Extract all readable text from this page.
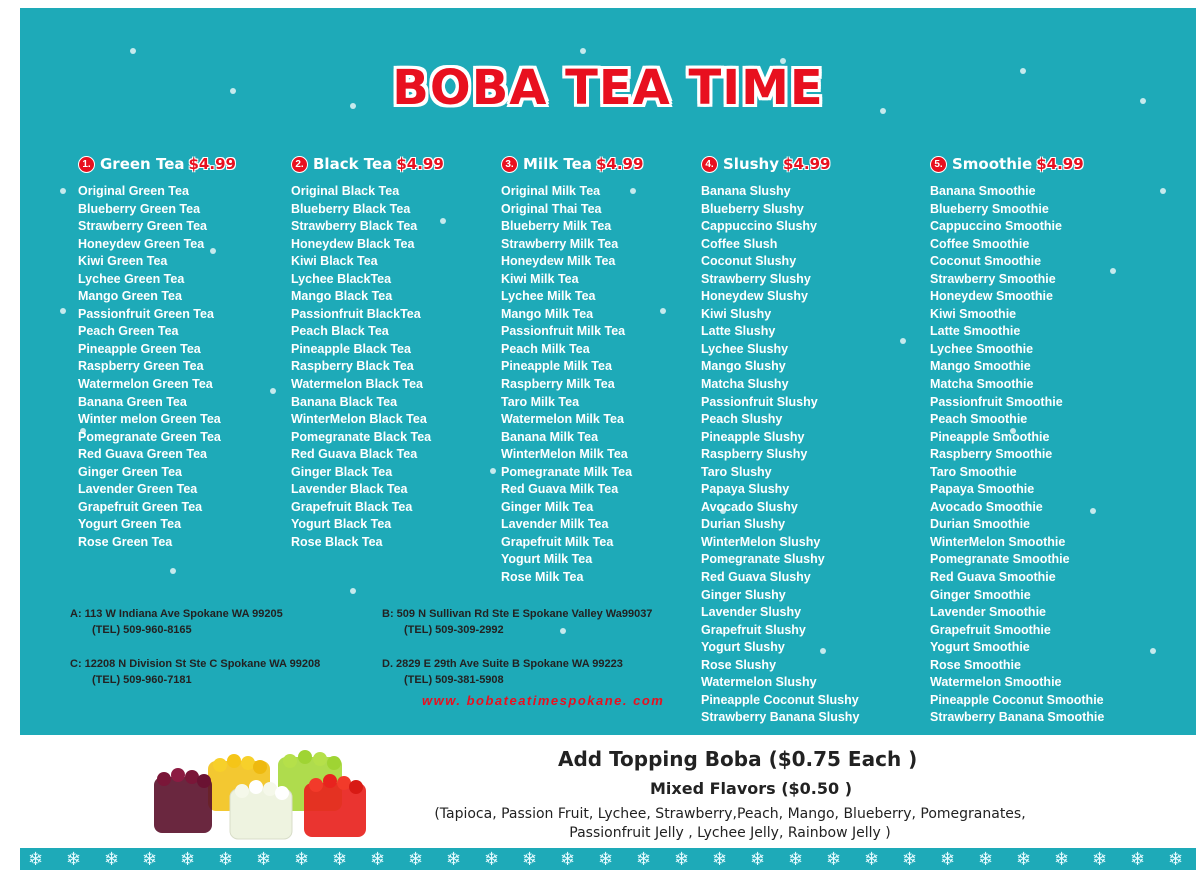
BOBA TEA TIME
1. Green Tea $4.99
Original Green Tea
Blueberry Green Tea
Strawberry Green Tea
Honeydew Green Tea
Kiwi Green Tea
Lychee Green Tea
Mango Green Tea
Passionfruit Green Tea
Peach Green Tea
Pineapple Green Tea
Raspberry Green Tea
Watermelon Green Tea
Banana Green Tea
Winter melon Green Tea
Pomegranate Green Tea
Red Guava Green Tea
Ginger Green Tea
Lavender Green Tea
Grapefruit Green Tea
Yogurt Green Tea
Rose Green Tea
2. Black Tea $4.99
Original Black Tea
Blueberry Black Tea
Strawberry Black Tea
Honeydew Black Tea
Kiwi Black Tea
Lychee BlackTea
Mango Black Tea
Passionfruit BlackTea
Peach Black Tea
Pineapple Black Tea
Raspberry Black Tea
Watermelon Black Tea
Banana Black Tea
WinterMelon Black Tea
Pomegranate Black Tea
Red Guava Black Tea
Ginger Black Tea
Lavender Black Tea
Grapefruit Black Tea
Yogurt Black Tea
Rose Black Tea
3. Milk Tea $4.99
Original Milk Tea
Original Thai Tea
Blueberry Milk Tea
Strawberry Milk Tea
Honeydew Milk Tea
Kiwi Milk Tea
Lychee Milk Tea
Mango Milk Tea
Passionfruit Milk Tea
Peach Milk Tea
Pineapple Milk Tea
Raspberry Milk Tea
Taro Milk Tea
Watermelon Milk Tea
Banana Milk Tea
WinterMelon Milk Tea
Pomegranate Milk Tea
Red Guava Milk Tea
Ginger Milk Tea
Lavender Milk Tea
Grapefruit Milk Tea
Yogurt Milk Tea
Rose Milk Tea
4. Slushy $4.99
Banana Slushy
Blueberry Slushy
Cappuccino Slushy
Coffee Slush
Coconut Slushy
Strawberry Slushy
Honeydew Slushy
Kiwi Slushy
Latte Slushy
Lychee Slushy
Mango Slushy
Matcha Slushy
Passionfruit Slushy
Peach Slushy
Pineapple Slushy
Raspberry Slushy
Taro Slushy
Papaya Slushy
Avocado Slushy
Durian Slushy
WinterMelon Slushy
Pomegranate Slushy
Red Guava Slushy
Ginger Slushy
Lavender Slushy
Grapefruit Slushy
Yogurt Slushy
Rose Slushy
Watermelon Slushy
Pineapple Coconut Slushy
Strawberry Banana Slushy
5. Smoothie $4.99
Banana Smoothie
Blueberry Smoothie
Cappuccino Smoothie
Coffee Smoothie
Coconut Smoothie
Strawberry Smoothie
Honeydew Smoothie
Kiwi Smoothie
Latte Smoothie
Lychee Smoothie
Mango Smoothie
Matcha Smoothie
Passionfruit Smoothie
Peach Smoothie
Pineapple Smoothie
Raspberry Smoothie
Taro Smoothie
Papaya Smoothie
Avocado Smoothie
Durian Smoothie
WinterMelon Smoothie
Pomegranate Smoothie
Red Guava Smoothie
Ginger Smoothie
Lavender Smoothie
Grapefruit Smoothie
Yogurt Smoothie
Rose Smoothie
Watermelon Smoothie
Pineapple Coconut Smoothie
Strawberry Banana Smoothie
A: 113 W Indiana Ave Spokane WA 99205
(TEL) 509-960-8165
B: 509 N Sullivan Rd Ste E Spokane Valley Wa99037
(TEL) 509-309-2992
C: 12208 N Division St Ste C Spokane WA 99208
(TEL) 509-960-7181
D. 2829 E 29th Ave Suite B Spokane WA 99223
(TEL) 509-381-5908
www. bobateatimespokane. com
Add Topping Boba ($0.75 Each )
Mixed Flavors ($0.50 )
(Tapioca, Passion Fruit, Lychee, Strawberry,Peach, Mango, Blueberry, Pomegranates,
Passionfruit Jelly , Lychee Jelly, Rainbow Jelly )
❄ ❄ ❄ ❄ ❄ ❄ ❄ ❄ ❄ ❄ ❄ ❄ ❄ ❄ ❄ ❄ ❄ ❄ ❄ ❄ ❄ ❄ ❄ ❄ ❄ ❄ ❄ ❄ ❄ ❄ ❄
